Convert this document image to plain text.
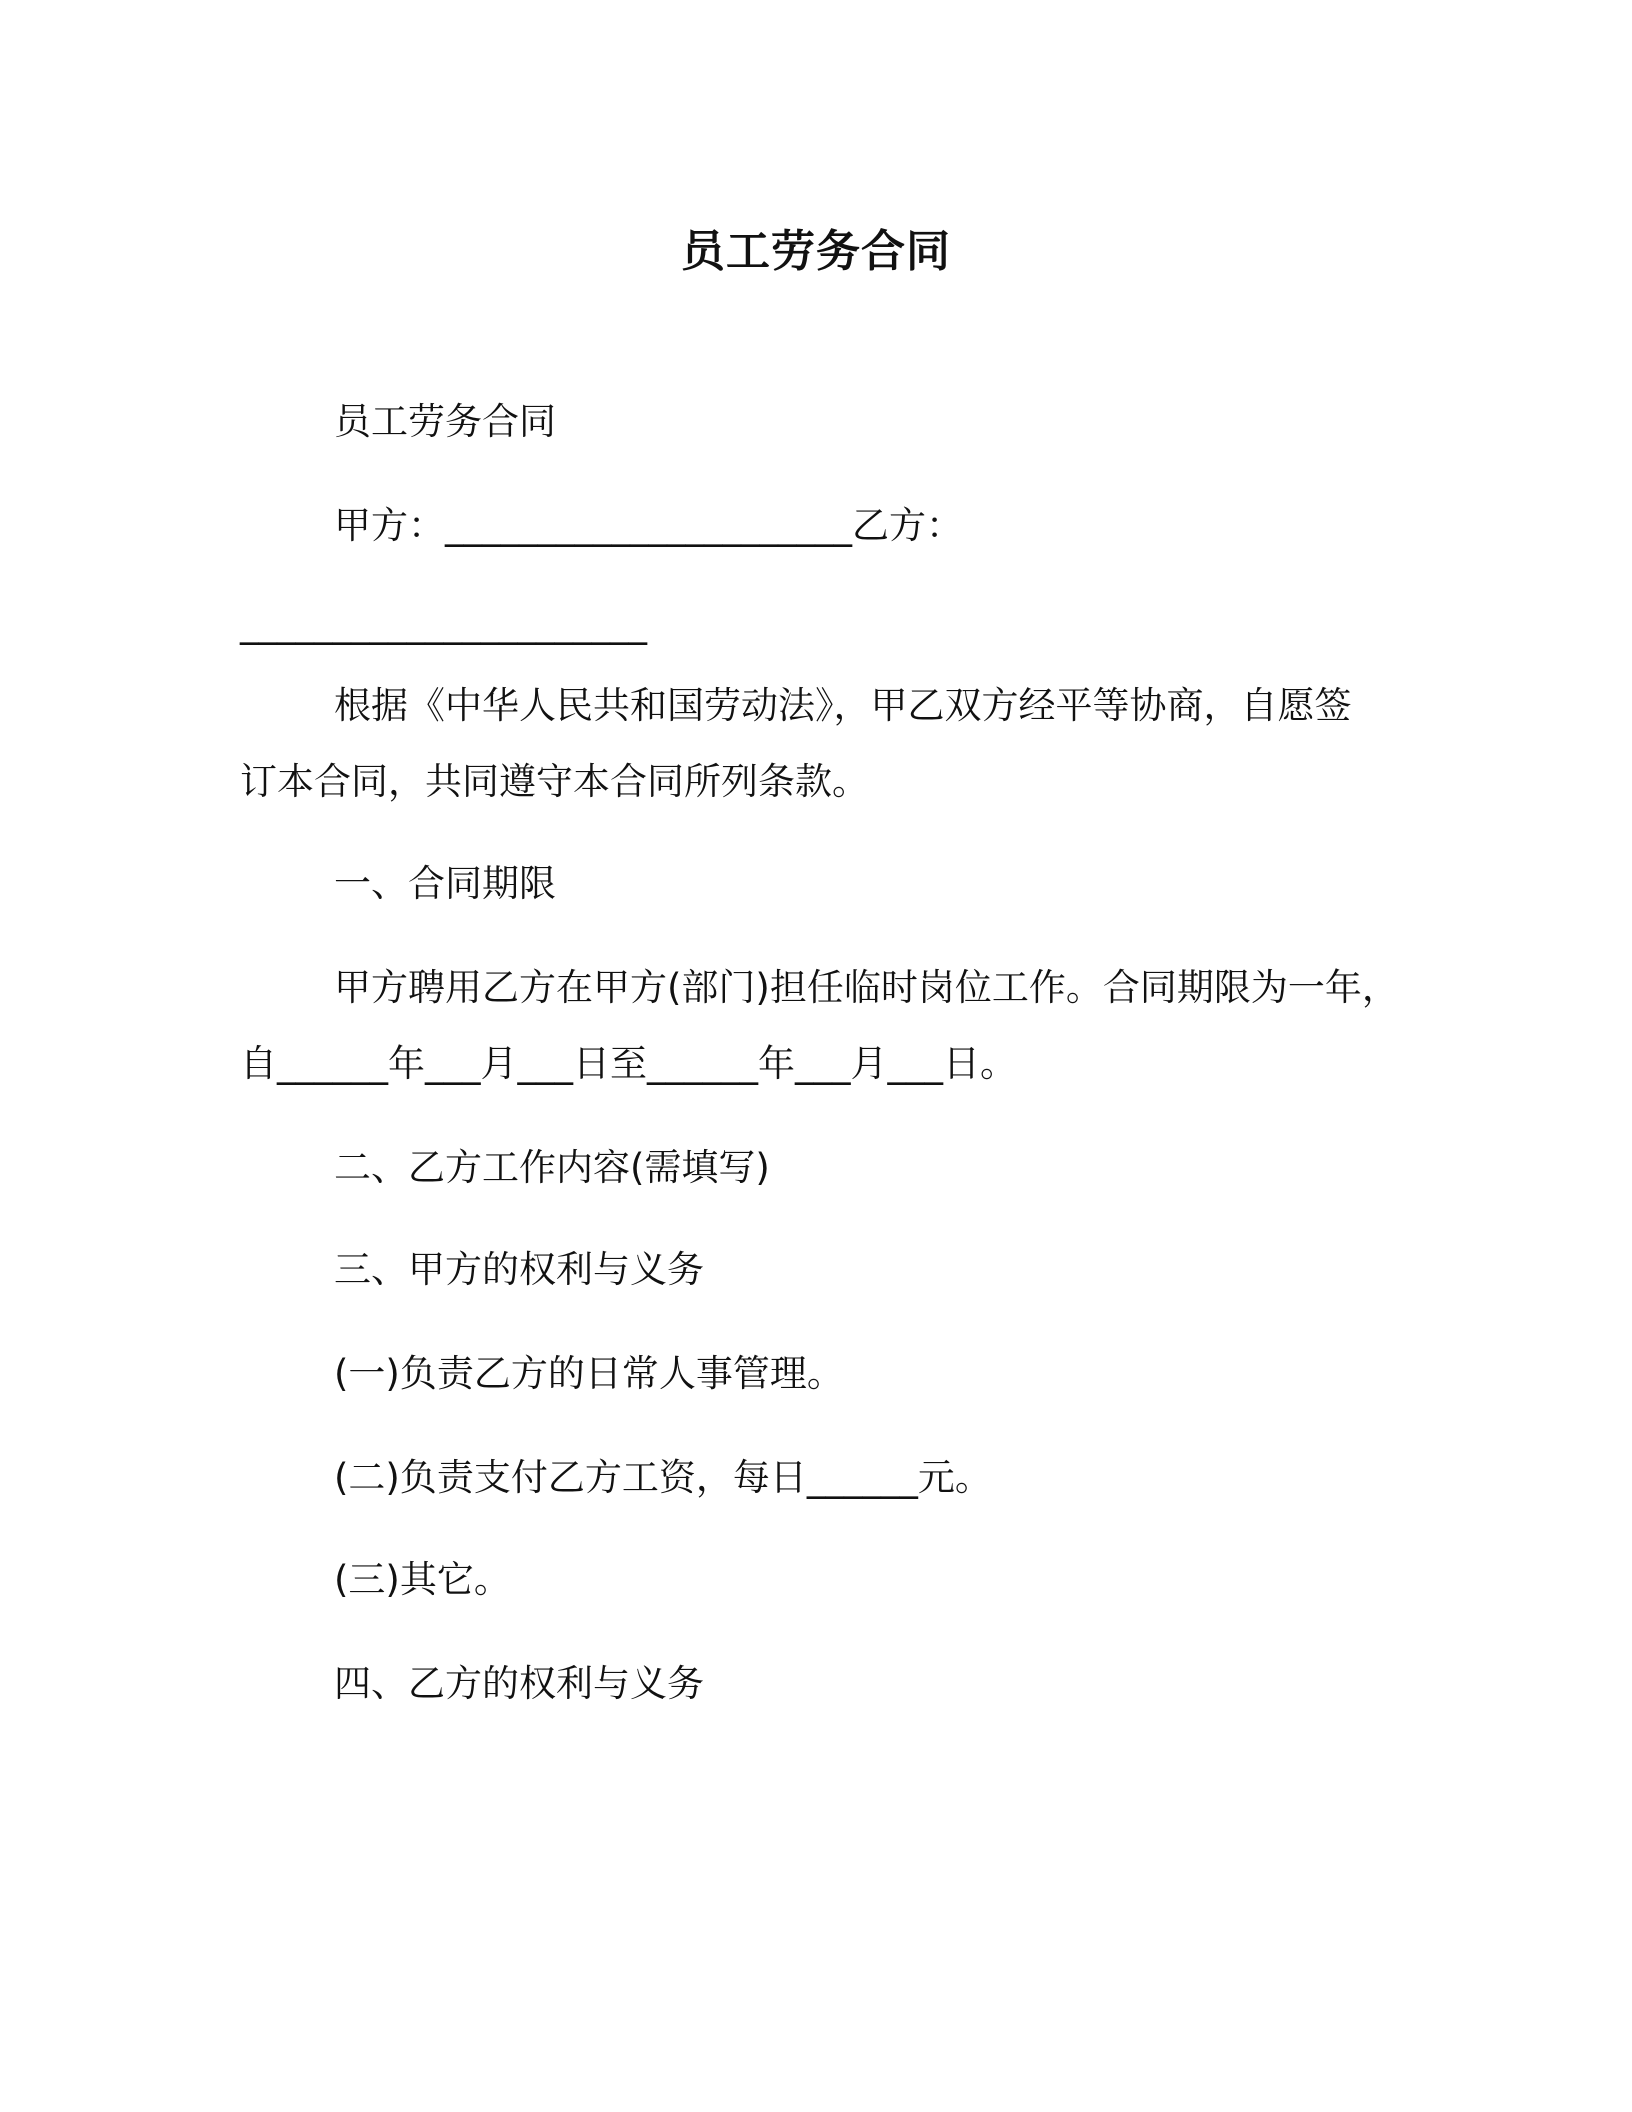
员工劳务合同
员工劳务合同
甲方：______________________乙方：
______________________
根据《中华人民共和国劳动法》，甲乙双方经平等协商，自愿签
订本合同，共同遵守本合同所列条款。
一、合同期限
甲方聘用乙方在甲方(部门)担任临时岗位工作。合同期限为一年，
自______年___月___日至______年___月___日。
二、乙方工作内容(需填写)
三、甲方的权利与义务
(一)负责乙方的日常人事管理。
(二)负责支付乙方工资，每日______元。
(三)其它。
四、乙方的权利与义务
